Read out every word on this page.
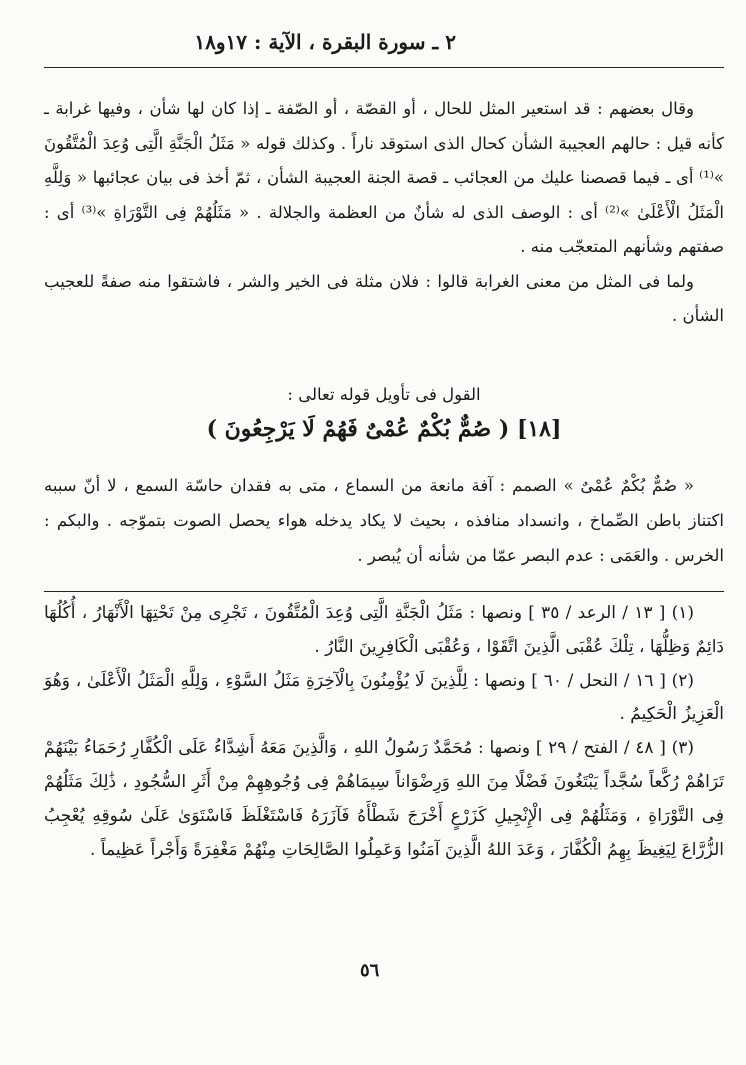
٢ ـ سورة البقرة ، الآية : ١٧و١٨

وقال بعضهم : قد استعير المثل للحال ، أو القصّة ، أو الصّفة ـ إذا كان لها شأن ، وفيها غرابة ـ كأنه قيل : حالهم العجيبة الشأن كحال الذى استوقد ناراً . وكذلك قوله « مَثَلُ الْجَنَّةِ الَّتِى وُعِدَ الْمُتَّقُونَ »⁽¹⁾ أى ـ فيما قصصنا عليك من العجائب ـ قصة الجنة العجيبة الشأن ، ثمّ أخذ فى بيان عجائبها « وَلِلَّهِ الْمَثَلُ الْأَعْلَىٰ »⁽²⁾ أى : الوصف الذى له شأنٌ من العظمة والجلالة . « مَثَلُهُمْ فِى التَّوْرَاةِ »⁽³⁾ أى : صفتهم وشأنهم المتعجّب منه .

ولما فى المثل من معنى الغرابة قالوا : فلان مثلة فى الخير والشر ، فاشتقوا منه صفةً للعجيب الشأن .

القول فى تأويل قوله تعالى :
[١٨] ( صُمٌّ بُكْمٌ عُمْىٌ فَهُمْ لَا يَرْجِعُونَ )

« صُمٌّ بُكْمٌ عُمْىٌ » الصمم : آفة مانعة من السماع ، متى به فقدان حاسّة السمع ، لا أنّ سببه اكتناز باطن الصِّماخ ، وانسداد منافذه ، بحيث لا يكاد يدخله هواء يحصل الصوت بتموّجه . والبكم : الخرس . والعَمَى : عدم البصر عمّا من شأنه أن يُبصر .

(١) [ ١٣ / الرعد / ٣٥ ] ونصها : مَثَلُ الْجَنَّةِ الَّتِى وُعِدَ الْمُتَّقُونَ ، تَجْرِى مِنْ تَحْتِهَا الْأَنْهَارُ ، أُكُلُهَا دَائِمٌ وَظِلُّهَا ، تِلْكَ عُقْبَى الَّذِينَ اتَّقَوْا ، وَعُقْبَى الْكَافِرِينَ النَّارُ .

(٢) [ ١٦ / النحل / ٦٠ ] ونصها : لِلَّذِينَ لَا يُؤْمِنُونَ بِالْآخِرَةِ مَثَلُ السَّوْءِ ، وَلِلَّهِ الْمَثَلُ الْأَعْلَىٰ ، وَهُوَ الْعَزِيزُ الْحَكِيمُ .

(٣) [ ٤٨ / الفتح / ٢٩ ] ونصها : مُحَمَّدٌ رَسُولُ اللهِ ، وَالَّذِينَ مَعَهُ أَشِدَّاءُ عَلَى الْكُفَّارِ رُحَمَاءُ بَيْنَهُمْ تَرَاهُمْ رُكَّعاً سُجَّداً يَبْتَغُونَ فَضْلًا مِنَ اللهِ وَرِضْوَاناً سِيمَاهُمْ فِى وُجُوهِهِمْ مِنْ أَثَرِ السُّجُودِ ، ذَٰلِكَ مَثَلُهُمْ فِى التَّوْرَاةِ ، وَمَثَلُهُمْ فِى الْإِنْجِيلِ كَزَرْعٍ أَخْرَجَ شَطْأَهُ فَآزَرَهُ فَاسْتَغْلَظَ فَاسْتَوَىٰ عَلَىٰ سُوقِهِ يُعْجِبُ الزُّرَّاعَ لِيَغِيظَ بِهِمُ الْكُفَّارَ ، وَعَدَ اللهُ الَّذِينَ آمَنُوا وَعَمِلُوا الصَّالِحَاتِ مِنْهُمْ مَغْفِرَةً وَأَجْراً عَظِيماً .

٥٦
